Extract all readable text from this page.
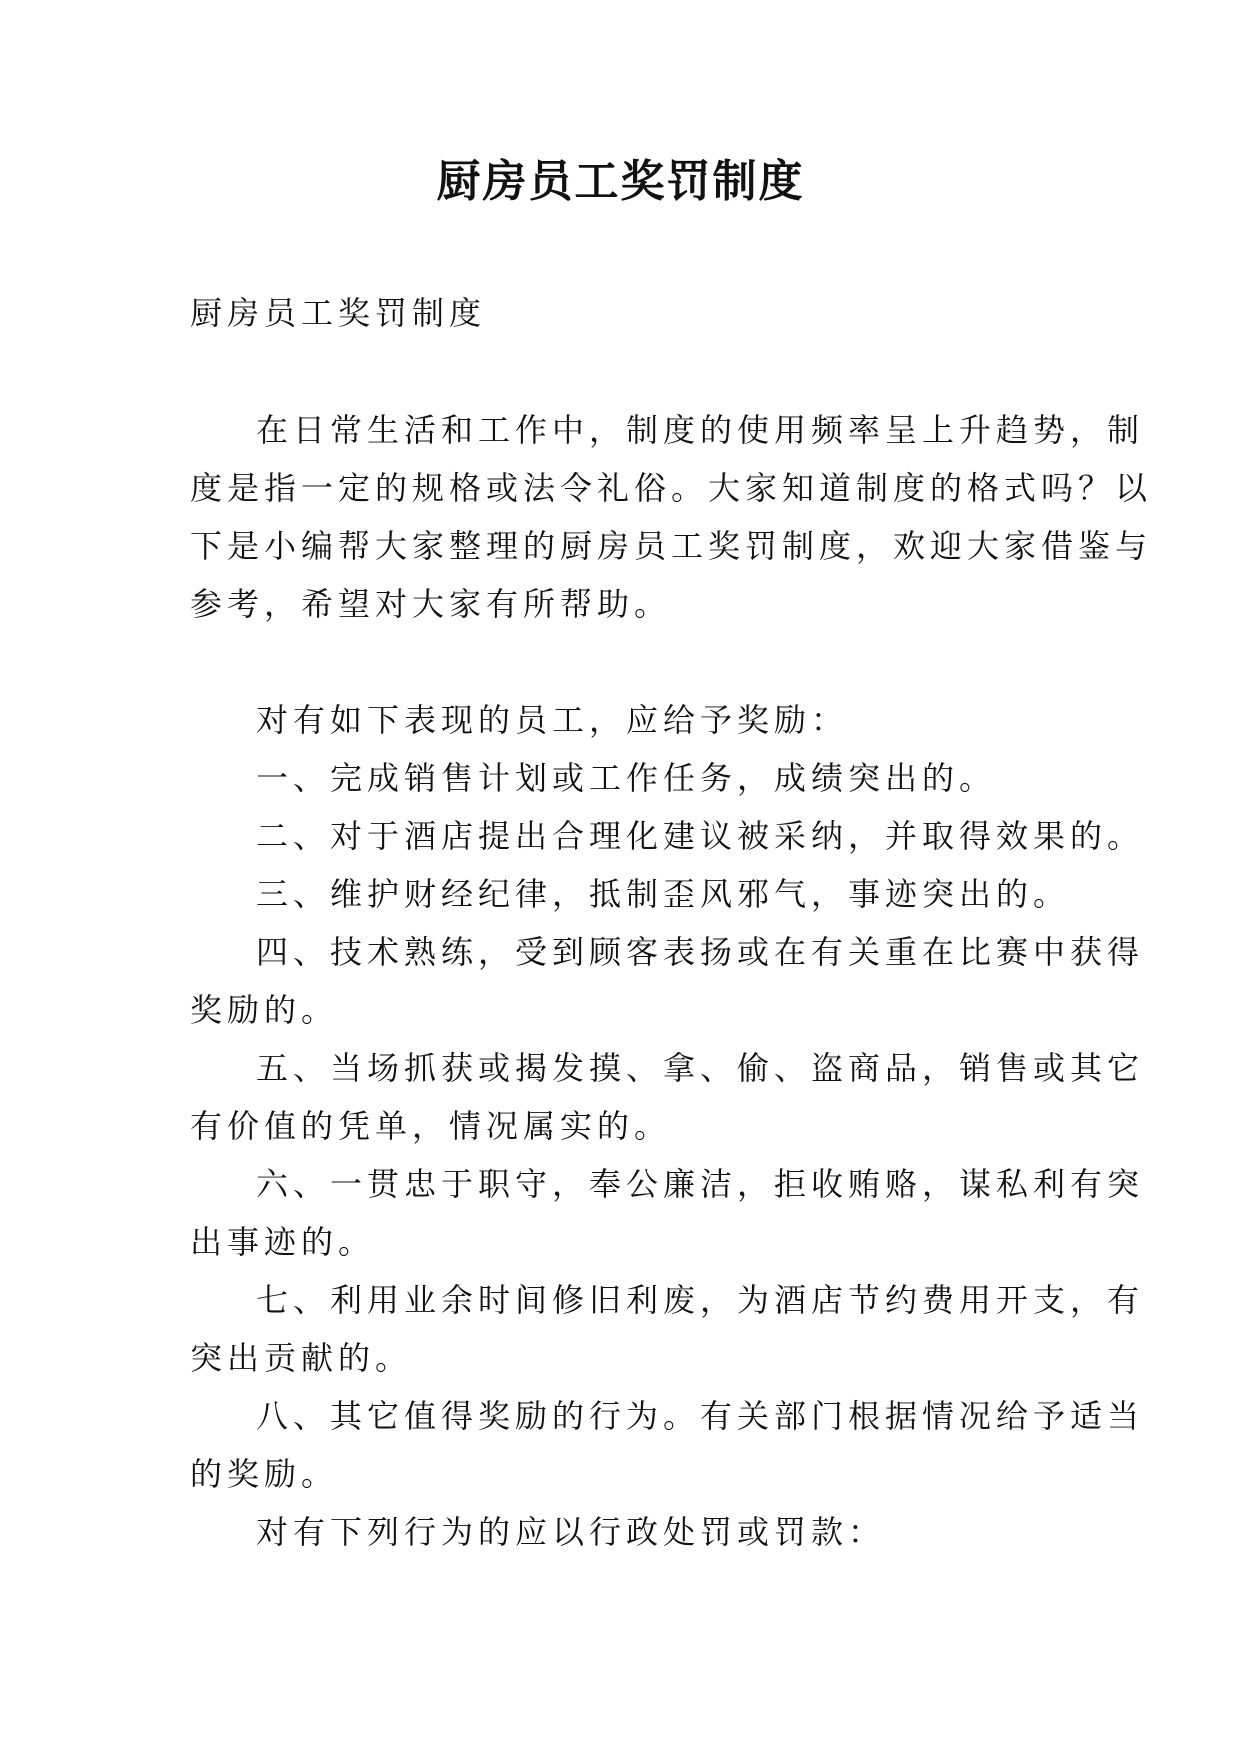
厨房员工奖罚制度
厨房员工奖罚制度
在日常生活和工作中，制度的使用频率呈上升趋势，制
度是指一定的规格或法令礼俗。大家知道制度的格式吗？以
下是小编帮大家整理的厨房员工奖罚制度，欢迎大家借鉴与
参考，希望对大家有所帮助。
对有如下表现的员工，应给予奖励：
一、完成销售计划或工作任务，成绩突出的。
二、对于酒店提出合理化建议被采纳，并取得效果的。
三、维护财经纪律，抵制歪风邪气，事迹突出的。
四、技术熟练，受到顾客表扬或在有关重在比赛中获得
奖励的。
五、当场抓获或揭发摸、拿、偷、盗商品，销售或其它
有价值的凭单，情况属实的。
六、一贯忠于职守，奉公廉洁，拒收贿赂，谋私利有突
出事迹的。
七、利用业余时间修旧利废，为酒店节约费用开支，有
突出贡献的。
八、其它值得奖励的行为。有关部门根据情况给予适当
的奖励。
对有下列行为的应以行政处罚或罚款：
